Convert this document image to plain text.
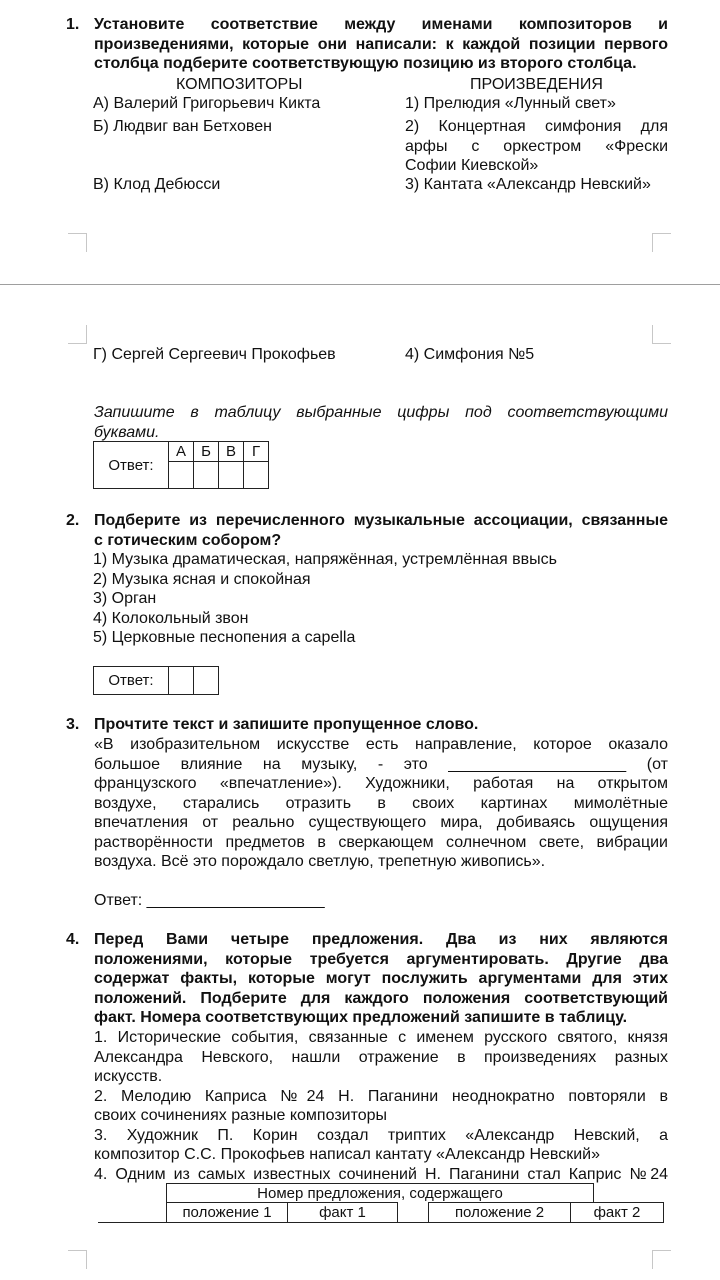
1. Установите соответствие между именами композиторов и
произведениями, которые они написали: к каждой позиции первого
столбца подберите соответствующую позицию из второго столбца.
КОМПОЗИТОРЫ	ПРОИЗВЕДЕНИЯ
А) Валерий Григорьевич Кикта	1) Прелюдия «Лунный свет»
Б) Людвиг ван Бетховен	2) Концертная симфония для
арфы с оркестром «Фрески
Софии Киевской»
В) Клод Дебюсси	3) Кантата «Александр Невский»
Г) Сергей Сергеевич Прокофьев	4) Симфония №5
Запишите в таблицу выбранные цифры под соответствующими
буквами.
Ответ:	А	Б	В	Г

2. Подберите из перечисленного музыкальные ассоциации, связанные
с готическим собором?
1) Музыка драматическая, напряжённая, устремлённая ввысь
2) Музыка ясная и спокойная
3) Орган
4) Колокольный звон
5) Церковные песнопения а capella
Ответ:		
3. Прочтите текст и запишите пропущенное слово.
«В изобразительном искусстве есть направление, которое оказало
большое влияние на музыку, - это ____________________ (от
французского «впечатление»). Художники, работая на открытом
воздухе, старались отразить в своих картинах мимолётные
впечатления от реально существующего мира, добиваясь ощущения
растворённости предметов в сверкающем солнечном свете, вибрации
воздуха. Всё это порождало светлую, трепетную живопись».
Ответ: ____________________
4. Перед Вами четыре предложения. Два из них являются
положениями, которые требуется аргументировать. Другие два
содержат факты, которые могут послужить аргументами для этих
положений. Подберите для каждого положения соответствующий
факт. Номера соответствующих предложений запишите в таблицу.
1. Исторические события, связанные с именем русского святого, князя
Александра Невского, нашли отражение в произведениях разных
искусств.
2. Мелодию Каприса №24 Н. Паганини неоднократно повторяли в
своих сочинениях разные композиторы
3. Художник П. Корин создал триптих «Александр Невский, а
композитор С.С. Прокофьев написал кантату «Александр Невский»
4. Одним из самых известных сочинений Н. Паганини стал Каприс №24
Номер предложения, содержащего
положение 1	факт 1	положение 2	факт 2
